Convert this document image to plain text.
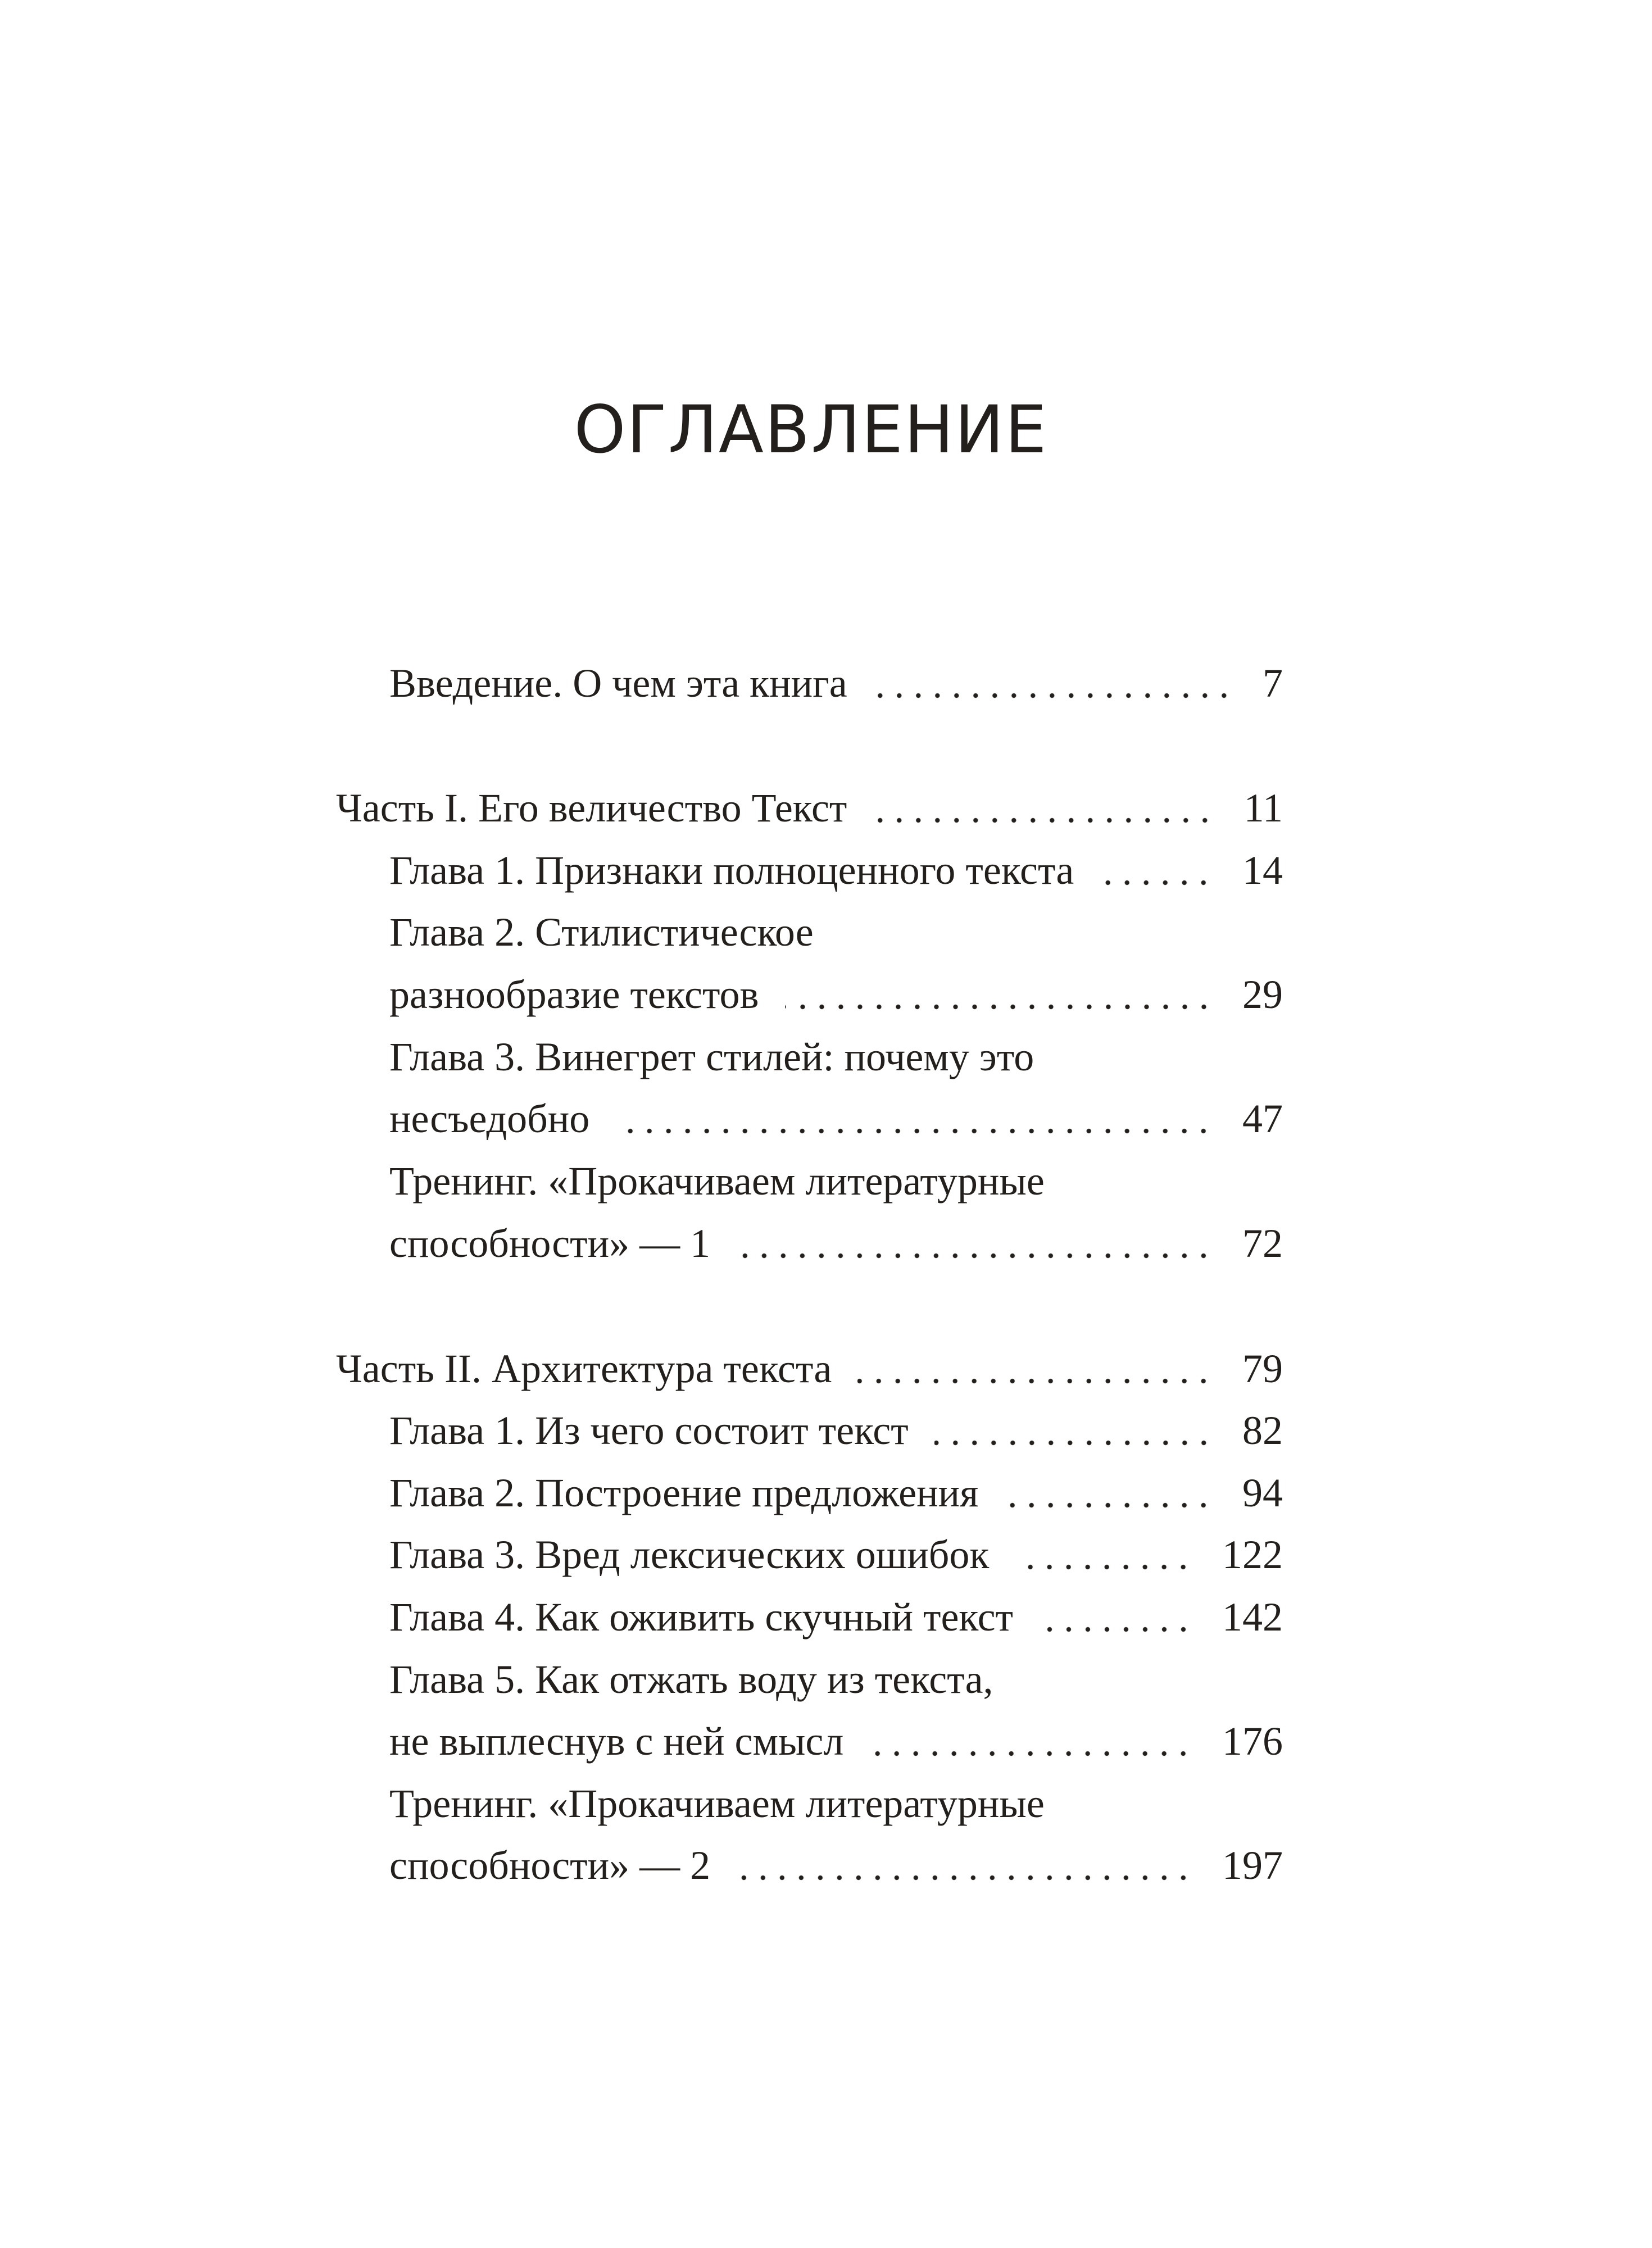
ОГЛАВЛЕНИЕ
Введение. О чем эта книга	7
Часть I. Его величество Текст	11
Глава 1. Признаки полноценного текста	14
Глава 2. Стилистическое
разнообразие текстов	29
Глава 3. Винегрет стилей: почему это
несъедобно	47
Тренинг. «Прокачиваем литературные
способности» — 1	72
Часть II. Архитектура текста	79
Глава 1. Из чего состоит текст	82
Глава 2. Построение предложения	94
Глава 3. Вред лексических ошибок	122
Глава 4. Как оживить скучный текст	142
Глава 5. Как отжать воду из текста,
не выплеснув с ней смысл	176
Тренинг. «Прокачиваем литературные
способности» — 2	197
